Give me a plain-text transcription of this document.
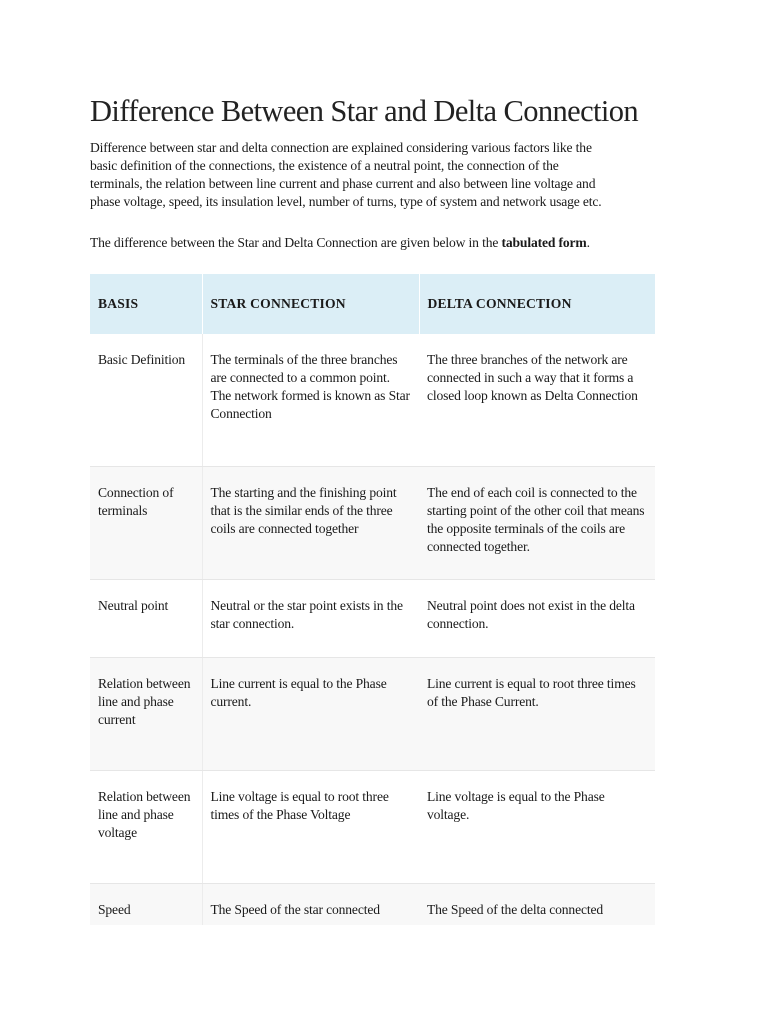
Difference Between Star and Delta Connection
Difference between star and delta connection are explained considering various factors like the
basic definition of the connections, the existence of a neutral point, the connection of the
terminals, the relation between line current and phase current and also between line voltage and
phase voltage, speed, its insulation level, number of turns, type of system and network usage etc.

The difference between the Star and Delta Connection are given below in the tabulated form.

BASIS	STAR CONNECTION	DELTA CONNECTION
Basic Definition	The terminals of the three branches are connected to a common point. The network formed is known as Star Connection	The three branches of the network are connected in such a way that it forms a closed loop known as Delta Connection
Connection of terminals	The starting and the finishing point that is the similar ends of the three coils are connected together	The end of each coil is connected to the starting point of the other coil that means the opposite terminals of the coils are connected together.
Neutral point	Neutral or the star point exists in the star connection.	Neutral point does not exist in the delta connection.
Relation between line and phase current	Line current is equal to the Phase current.	Line current is equal to root three times of the Phase Current.
Relation between line and phase voltage	Line voltage is equal to root three times of the Phase Voltage	Line voltage is equal to the Phase voltage.
Speed	The Speed of the star connected	The Speed of the delta connected
